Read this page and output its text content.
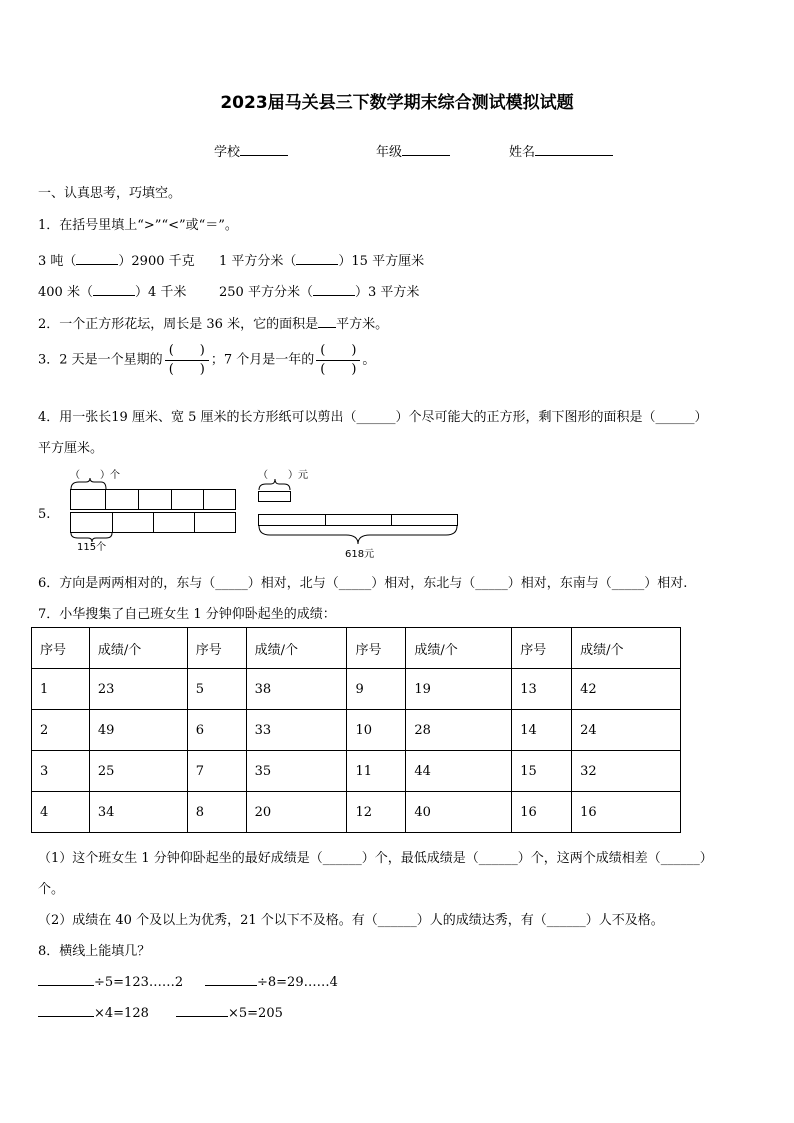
2023届马关县三下数学期末综合测试模拟试题
学校	年级	姓名
一、认真思考，巧填空。
1．在括号里填上“>”“<”或“＝”。
3 吨（	）2900 千克 1 平方分米（	）15 平方厘米
400 米（	）4 千米	250 平方分米（	）3 平方米
2．一个正方形花坛，周长是 36 米，它的面积是 平方米。
3．2 天是一个星期的 $\frac{( )}{( )}$ ；7 个月是一年的 $\frac{( )}{( )}$ 。
4．用一张长19 厘米、宽 5 厘米的长方形纸可以剪出（______）个尽可能大的正方形，剩下图形的面积是（______）
平方厘米。
5.
（　　）个
115个
（　　）元
618元
6．方向是两两相对的，东与（_____）相对，北与（_____）相对，东北与（_____）相对，东南与（_____）相对.
7．小华搜集了自己班女生 1 分钟仰卧起坐的成绩：
序号	成绩/个	序号	成绩/个	序号	成绩/个	序号	成绩/个
1	23	5	38	9	19	13	42
2	49	6	33	10	28	14	24
3	25	7	35	11	44	15	32
4	34	8	20	12	40	16	16
（1）这个班女生 1 分钟仰卧起坐的最好成绩是（______）个，最低成绩是（______）个，这两个成绩相差（______）
个。
（2）成绩在 40 个及以上为优秀，21 个以下不及格。有（______）人的成绩达秀，有（______）人不及格。
8．横线上能填几？
÷5=123……2	÷8=29……4
×4=128	×5=205
